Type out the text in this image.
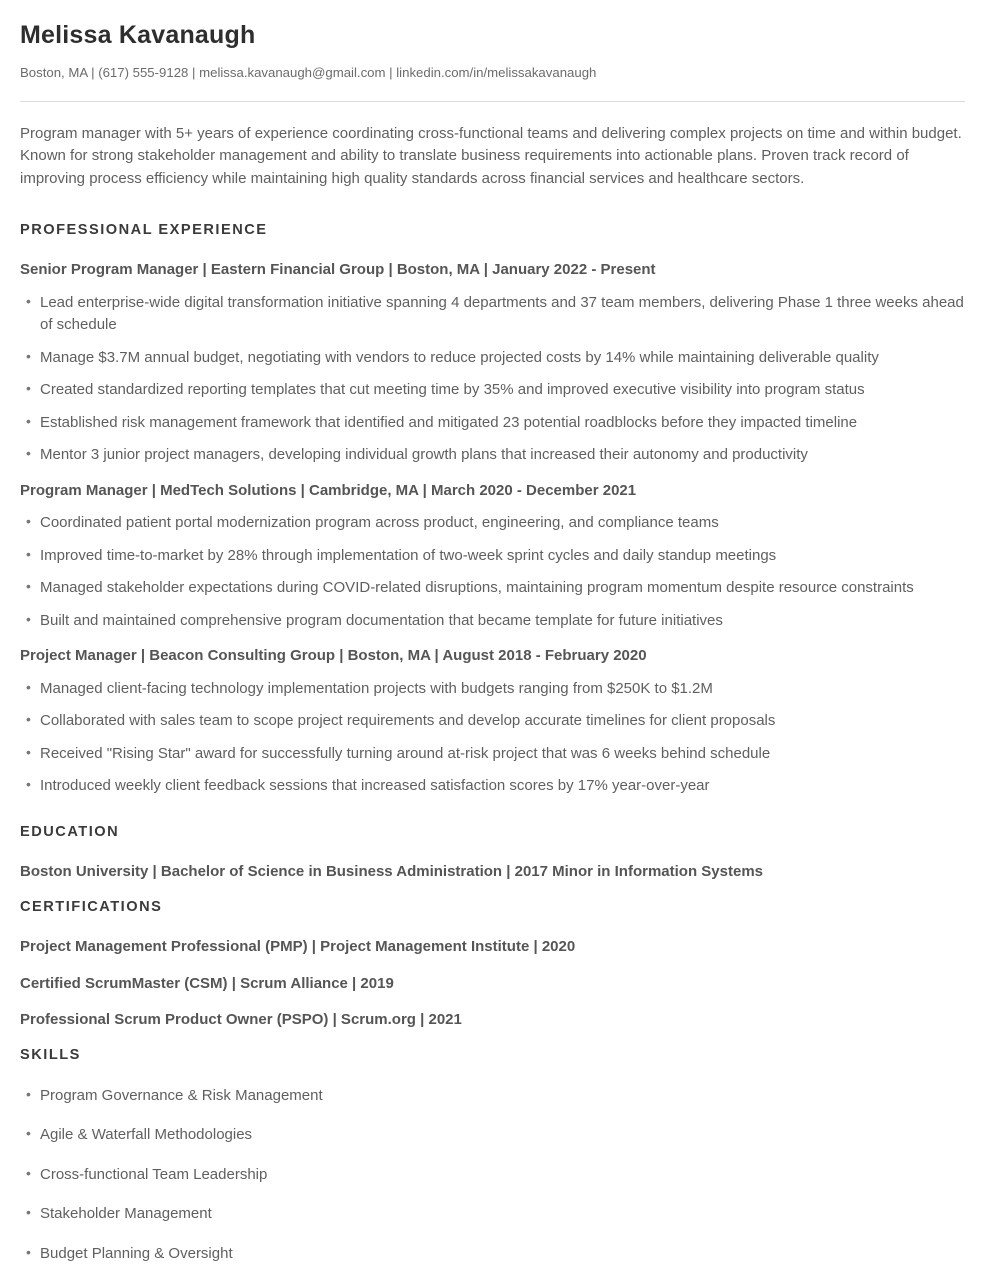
Melissa Kavanaugh
Boston, MA | (617) 555-9128 | melissa.kavanaugh@gmail.com | linkedin.com/in/melissakavanaugh

Program manager with 5+ years of experience coordinating cross-functional teams and delivering complex projects on time and within budget. Known for strong stakeholder management and ability to translate business requirements into actionable plans. Proven track record of improving process efficiency while maintaining high quality standards across financial services and healthcare sectors.

PROFESSIONAL EXPERIENCE
Senior Program Manager | Eastern Financial Group | Boston, MA | January 2022 - Present
• Lead enterprise-wide digital transformation initiative spanning 4 departments and 37 team members, delivering Phase 1 three weeks ahead of schedule
• Manage $3.7M annual budget, negotiating with vendors to reduce projected costs by 14% while maintaining deliverable quality
• Created standardized reporting templates that cut meeting time by 35% and improved executive visibility into program status
• Established risk management framework that identified and mitigated 23 potential roadblocks before they impacted timeline
• Mentor 3 junior project managers, developing individual growth plans that increased their autonomy and productivity
Program Manager | MedTech Solutions | Cambridge, MA | March 2020 - December 2021
• Coordinated patient portal modernization program across product, engineering, and compliance teams
• Improved time-to-market by 28% through implementation of two-week sprint cycles and daily standup meetings
• Managed stakeholder expectations during COVID-related disruptions, maintaining program momentum despite resource constraints
• Built and maintained comprehensive program documentation that became template for future initiatives
Project Manager | Beacon Consulting Group | Boston, MA | August 2018 - February 2020
• Managed client-facing technology implementation projects with budgets ranging from $250K to $1.2M
• Collaborated with sales team to scope project requirements and develop accurate timelines for client proposals
• Received "Rising Star" award for successfully turning around at-risk project that was 6 weeks behind schedule
• Introduced weekly client feedback sessions that increased satisfaction scores by 17% year-over-year
EDUCATION
Boston University | Bachelor of Science in Business Administration | 2017 Minor in Information Systems
CERTIFICATIONS
Project Management Professional (PMP) | Project Management Institute | 2020
Certified ScrumMaster (CSM) | Scrum Alliance | 2019
Professional Scrum Product Owner (PSPO) | Scrum.org | 2021
SKILLS
• Program Governance & Risk Management
• Agile & Waterfall Methodologies
• Cross-functional Team Leadership
• Stakeholder Management
• Budget Planning & Oversight
